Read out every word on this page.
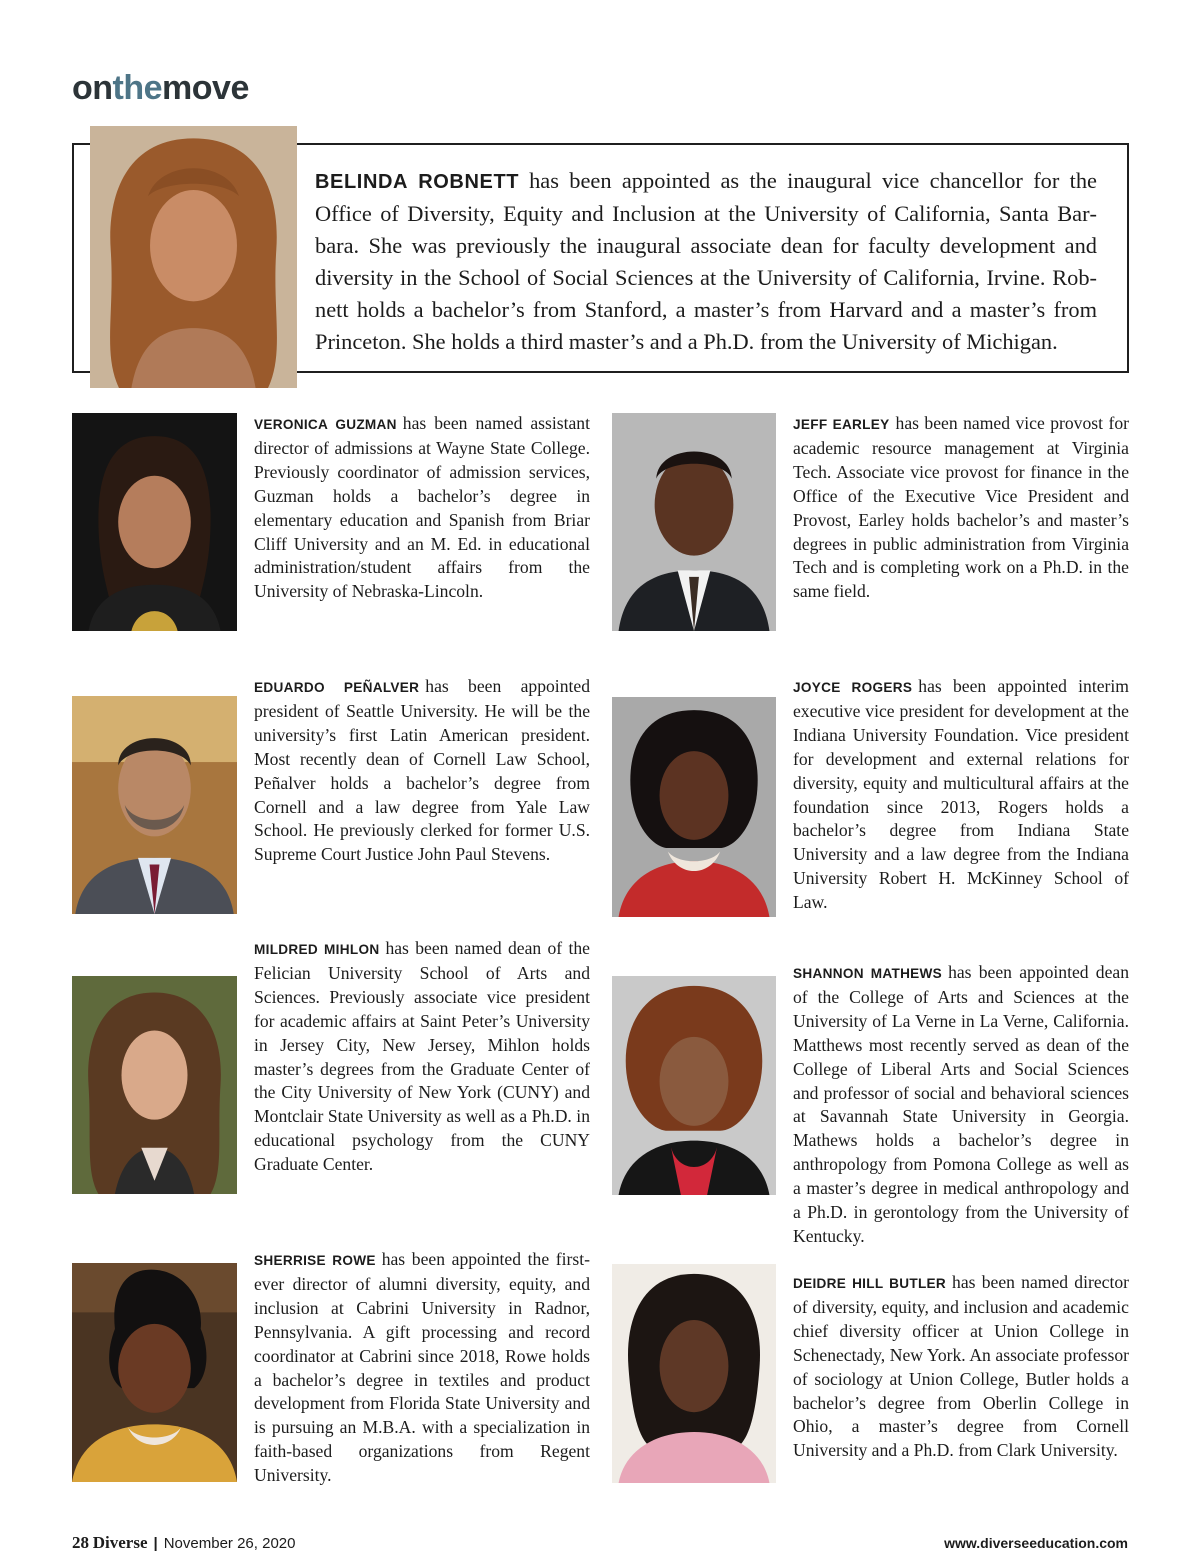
onthemove
BELINDA ROBNETT has been appointed as the inaugural vice chancellor for the Office of Diversity, Equity and Inclusion at the University of California, Santa Barbara. She was previously the inaugural associate dean for faculty development and diversity in the School of Social Sciences at the University of California, Irvine. Robnett holds a bachelor’s from Stanford, a master’s from Harvard and a master’s from Princeton. She holds a third master’s and a Ph.D. from the University of Michigan.
VERONICA GUZMAN has been named assistant director of admissions at Wayne State College. Previously coordinator of admission services, Guzman holds a bachelor’s degree in elementary education and Spanish from Briar Cliff University and an M. Ed. in educational administration/student affairs from the University of Nebraska-Lincoln.
JEFF EARLEY has been named vice provost for academic resource management at Virginia Tech. Associate vice provost for finance in the Office of the Executive Vice President and Provost, Earley holds bachelor’s and master’s degrees in public administration from Virginia Tech and is completing work on a Ph.D. in the same field.
EDUARDO PEÑALVER has been appointed president of Seattle University. He will be the university’s first Latin American president. Most recently dean of Cornell Law School, Peñalver holds a bachelor’s degree from Cornell and a law degree from Yale Law School. He previously clerked for former U.S. Supreme Court Justice John Paul Stevens.
JOYCE ROGERS has been appointed interim executive vice president for development at the Indiana University Foundation. Vice president for development and external relations for diversity, equity and multicultural affairs at the foundation since 2013, Rogers holds a bachelor’s degree from Indiana State University and a law degree from the Indiana University Robert H. McKinney School of Law.
MILDRED MIHLON has been named dean of the Felician University School of Arts and Sciences. Previously associate vice president for academic affairs at Saint Peter’s University in Jersey City, New Jersey, Mihlon holds master’s degrees from the Graduate Center of the City University of New York (CUNY) and Montclair State University as well as a Ph.D. in educational psychology from the CUNY Graduate Center.
SHANNON MATHEWS has been appointed dean of the College of Arts and Sciences at the University of La Verne in La Verne, California. Matthews most recently served as dean of the College of Liberal Arts and Social Sciences and professor of social and behavioral sciences at Savannah State University in Georgia. Mathews holds a bachelor’s degree in anthropology from Pomona College as well as a master’s degree in medical anthropology and a Ph.D. in gerontology from the University of Kentucky.
SHERRISE ROWE has been appointed the first-ever director of alumni diversity, equity, and inclusion at Cabrini University in Radnor, Pennsylvania. A gift processing and record coordinator at Cabrini since 2018, Rowe holds a bachelor’s degree in textiles and product development from Florida State University and is pursuing an M.B.A. with a specialization in faith-based organizations from Regent University.
DEIDRE HILL BUTLER has been named director of diversity, equity, and inclusion and academic chief diversity officer at Union College in Schenectady, New York. An associate professor of sociology at Union College, Butler holds a bachelor’s degree from Oberlin College in Ohio, a master’s degree from Cornell University and a Ph.D. from Clark University.
28 Diverse | November 26, 2020	www.diverseeducation.com
